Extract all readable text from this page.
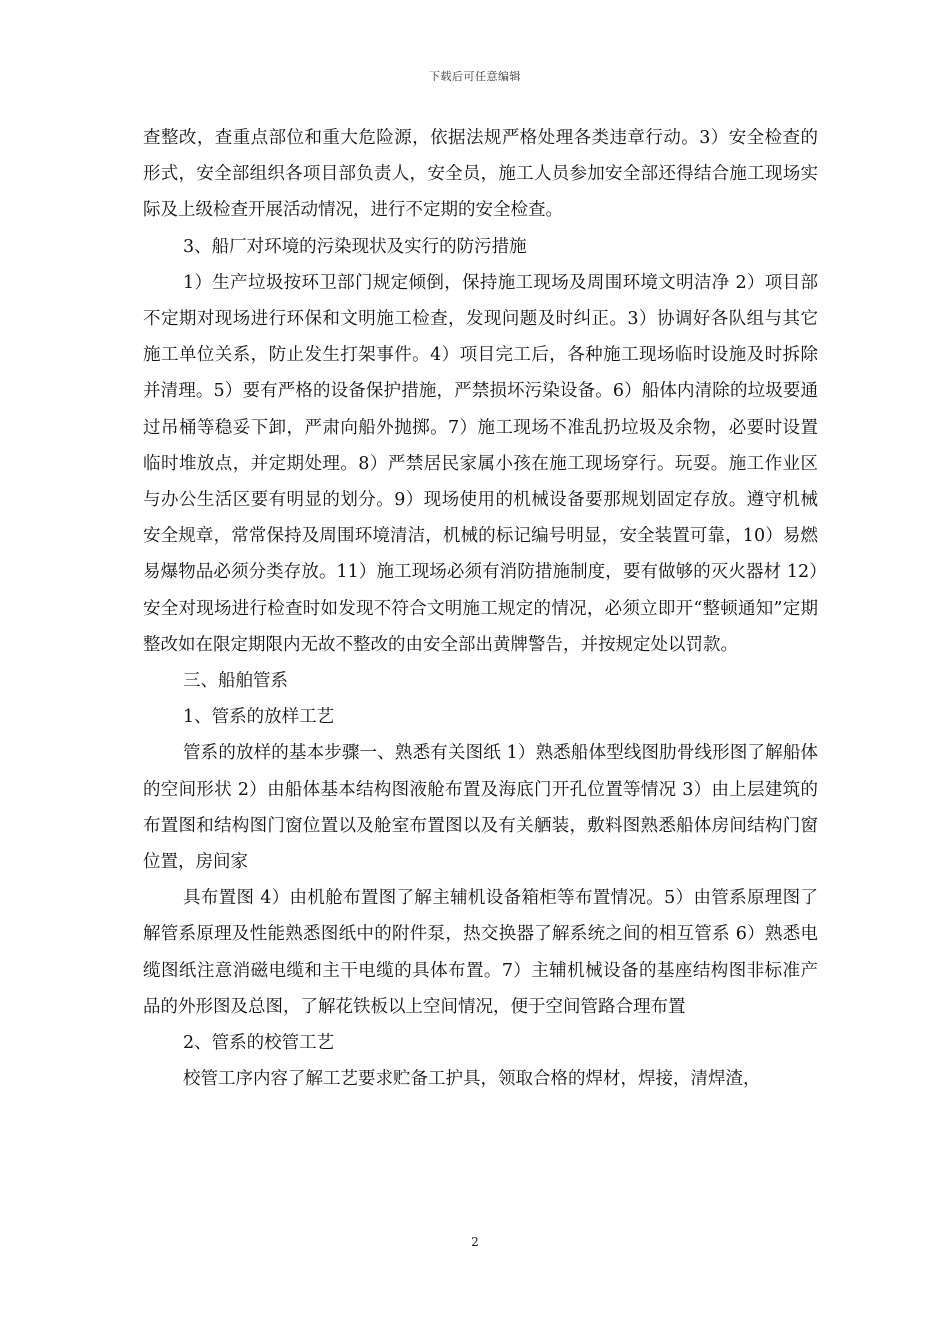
下载后可任意编辑

查整改，查重点部位和重大危险源，依据法规严格处理各类违章行动。3）安全检查的形式，安全部组织各项目部负责人，安全员，施工人员参加安全部还得结合施工现场实际及上级检查开展活动情况，进行不定期的安全检查。

3、船厂对环境的污染现状及实行的防污措施

1）生产垃圾按环卫部门规定倾倒，保持施工现场及周围环境文明洁净 2）项目部不定期对现场进行环保和文明施工检查，发现问题及时纠正。3）协调好各队组与其它施工单位关系，防止发生打架事件。4）项目完工后，各种施工现场临时设施及时拆除并清理。5）要有严格的设备保护措施，严禁损坏污染设备。6）船体内清除的垃圾要通过吊桶等稳妥下卸，严肃向船外抛掷。7）施工现场不准乱扔垃圾及余物，必要时设置临时堆放点，并定期处理。8）严禁居民家属小孩在施工现场穿行。玩耍。施工作业区与办公生活区要有明显的划分。9）现场使用的机械设备要那规划固定存放。遵守机械安全规章，常常保持及周围环境清洁，机械的标记编号明显，安全装置可靠，10）易燃易爆物品必须分类存放。11）施工现场必须有消防措施制度，要有做够的灭火器材 12）安全对现场进行检查时如发现不符合文明施工规定的情况，必须立即开“整顿通知”定期整改如在限定期限内无故不整改的由安全部出黄牌警告，并按规定处以罚款。

三、船舶管系

1、管系的放样工艺

管系的放样的基本步骤一、熟悉有关图纸 1）熟悉船体型线图肋骨线形图了解船体的空间形状 2）由船体基本结构图液舱布置及海底门开孔位置等情况 3）由上层建筑的布置图和结构图门窗位置以及舱室布置图以及有关舾装，敷料图熟悉船体房间结构门窗位置，房间家

具布置图 4）由机舱布置图了解主辅机设备箱柜等布置情况。5）由管系原理图了解管系原理及性能熟悉图纸中的附件泵，热交换器了解系统之间的相互管系 6）熟悉电缆图纸注意消磁电缆和主干电缆的具体布置。7）主辅机械设备的基座结构图非标准产品的外形图及总图，了解花铁板以上空间情况，便于空间管路合理布置

2、管系的校管工艺

校管工序内容了解工艺要求贮备工护具，领取合格的焊材，焊接，清焊渣，

2
